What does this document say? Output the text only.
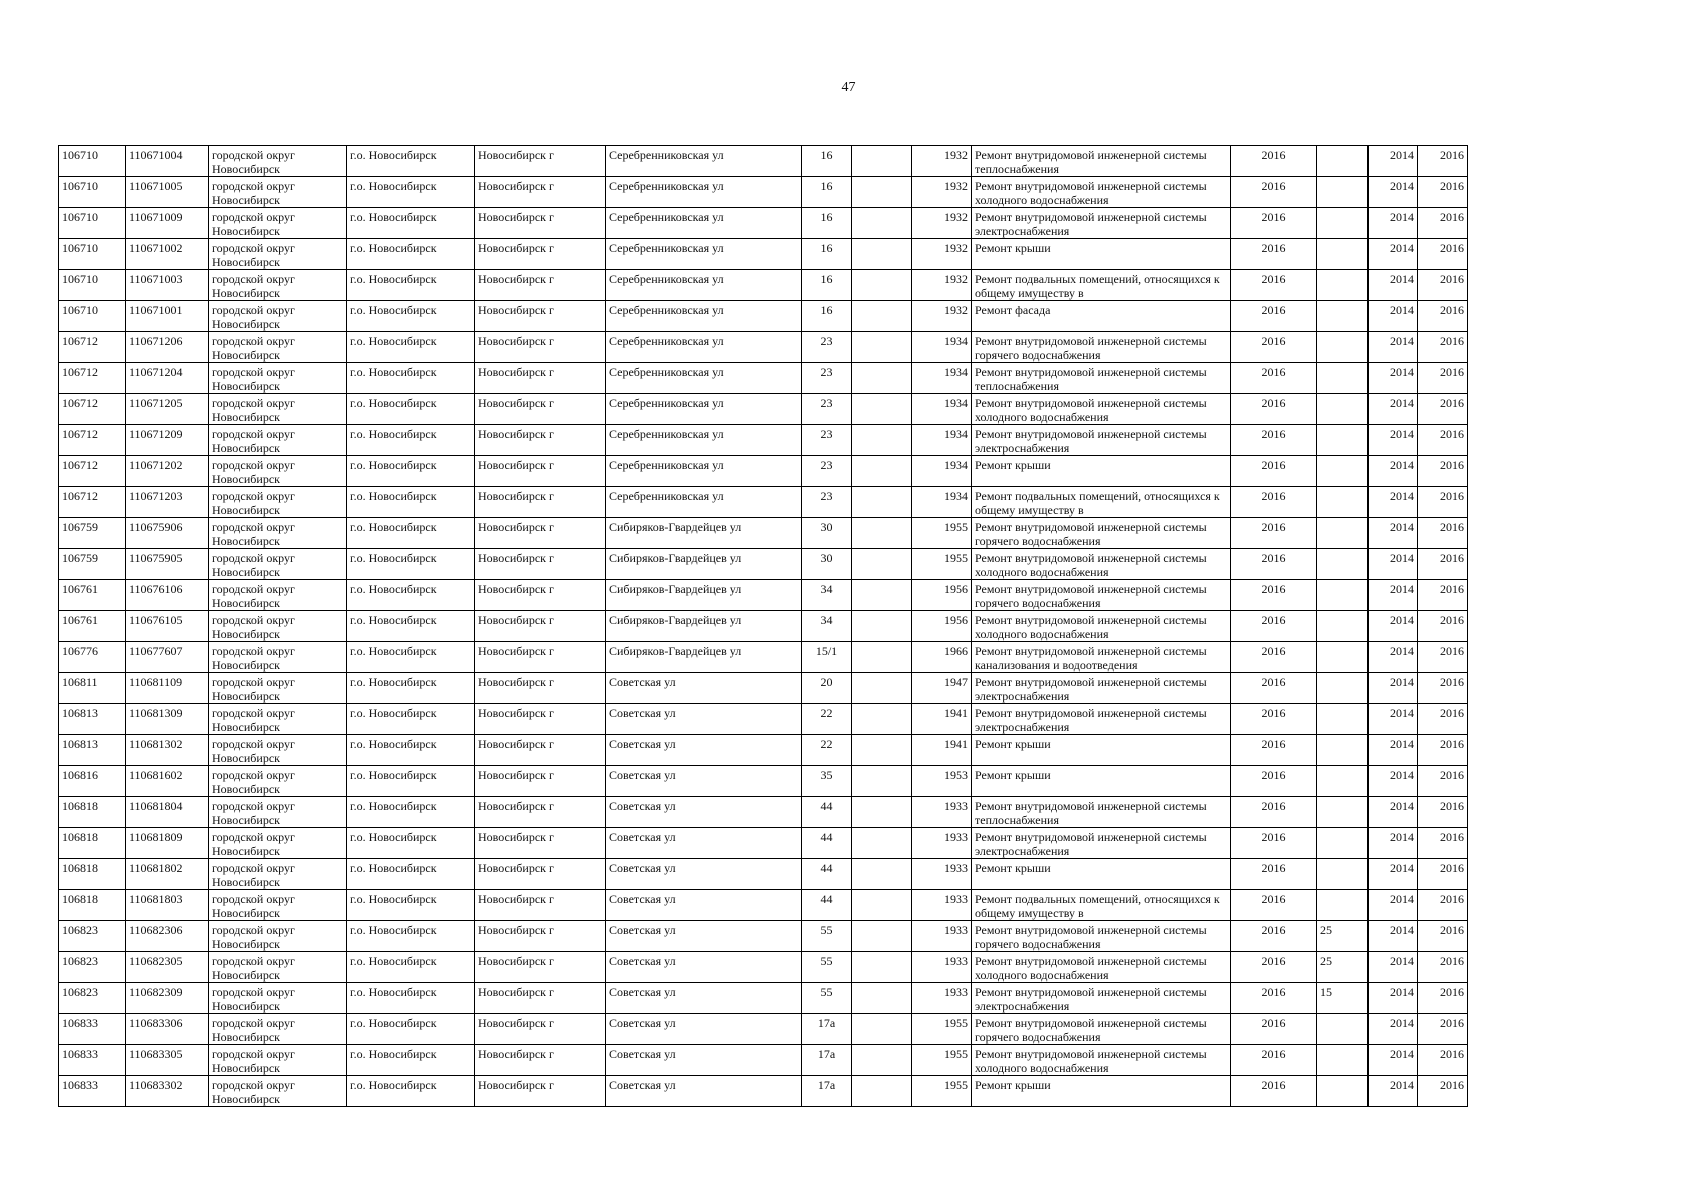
47
106710	110671004	городской округ Новосибирск	г.о. Новосибирск	Новосибирск г	Серебренниковская ул	16		1932	Ремонт внутридомовой инженерной системы теплоснабжения	2016		2014	2016
106710	110671005	городской округ Новосибирск	г.о. Новосибирск	Новосибирск г	Серебренниковская ул	16		1932	Ремонт внутридомовой инженерной системы холодного водоснабжения	2016		2014	2016
106710	110671009	городской округ Новосибирск	г.о. Новосибирск	Новосибирск г	Серебренниковская ул	16		1932	Ремонт внутридомовой инженерной системы электроснабжения	2016		2014	2016
106710	110671002	городской округ Новосибирск	г.о. Новосибирск	Новосибирск г	Серебренниковская ул	16		1932	Ремонт крыши	2016		2014	2016
106710	110671003	городской округ Новосибирск	г.о. Новосибирск	Новосибирск г	Серебренниковская ул	16		1932	Ремонт подвальных помещений, относящихся к общему имуществу в	2016		2014	2016
106710	110671001	городской округ Новосибирск	г.о. Новосибирск	Новосибирск г	Серебренниковская ул	16		1932	Ремонт фасада	2016		2014	2016
106712	110671206	городской округ Новосибирск	г.о. Новосибирск	Новосибирск г	Серебренниковская ул	23		1934	Ремонт внутридомовой инженерной системы горячего водоснабжения	2016		2014	2016
106712	110671204	городской округ Новосибирск	г.о. Новосибирск	Новосибирск г	Серебренниковская ул	23		1934	Ремонт внутридомовой инженерной системы теплоснабжения	2016		2014	2016
106712	110671205	городской округ Новосибирск	г.о. Новосибирск	Новосибирск г	Серебренниковская ул	23		1934	Ремонт внутридомовой инженерной системы холодного водоснабжения	2016		2014	2016
106712	110671209	городской округ Новосибирск	г.о. Новосибирск	Новосибирск г	Серебренниковская ул	23		1934	Ремонт внутридомовой инженерной системы электроснабжения	2016		2014	2016
106712	110671202	городской округ Новосибирск	г.о. Новосибирск	Новосибирск г	Серебренниковская ул	23		1934	Ремонт крыши	2016		2014	2016
106712	110671203	городской округ Новосибирск	г.о. Новосибирск	Новосибирск г	Серебренниковская ул	23		1934	Ремонт подвальных помещений, относящихся к общему имуществу в	2016		2014	2016
106759	110675906	городской округ Новосибирск	г.о. Новосибирск	Новосибирск г	Сибиряков-Гвардейцев ул	30		1955	Ремонт внутридомовой инженерной системы горячего водоснабжения	2016		2014	2016
106759	110675905	городской округ Новосибирск	г.о. Новосибирск	Новосибирск г	Сибиряков-Гвардейцев ул	30		1955	Ремонт внутридомовой инженерной системы холодного водоснабжения	2016		2014	2016
106761	110676106	городской округ Новосибирск	г.о. Новосибирск	Новосибирск г	Сибиряков-Гвардейцев ул	34		1956	Ремонт внутридомовой инженерной системы горячего водоснабжения	2016		2014	2016
106761	110676105	городской округ Новосибирск	г.о. Новосибирск	Новосибирск г	Сибиряков-Гвардейцев ул	34		1956	Ремонт внутридомовой инженерной системы холодного водоснабжения	2016		2014	2016
106776	110677607	городской округ Новосибирск	г.о. Новосибирск	Новосибирск г	Сибиряков-Гвардейцев ул	15/1		1966	Ремонт внутридомовой инженерной системы канализования и водоотведения	2016		2014	2016
106811	110681109	городской округ Новосибирск	г.о. Новосибирск	Новосибирск г	Советская ул	20		1947	Ремонт внутридомовой инженерной системы электроснабжения	2016		2014	2016
106813	110681309	городской округ Новосибирск	г.о. Новосибирск	Новосибирск г	Советская ул	22		1941	Ремонт внутридомовой инженерной системы электроснабжения	2016		2014	2016
106813	110681302	городской округ Новосибирск	г.о. Новосибирск	Новосибирск г	Советская ул	22		1941	Ремонт крыши	2016		2014	2016
106816	110681602	городской округ Новосибирск	г.о. Новосибирск	Новосибирск г	Советская ул	35		1953	Ремонт крыши	2016		2014	2016
106818	110681804	городской округ Новосибирск	г.о. Новосибирск	Новосибирск г	Советская ул	44		1933	Ремонт внутридомовой инженерной системы теплоснабжения	2016		2014	2016
106818	110681809	городской округ Новосибирск	г.о. Новосибирск	Новосибирск г	Советская ул	44		1933	Ремонт внутридомовой инженерной системы электроснабжения	2016		2014	2016
106818	110681802	городской округ Новосибирск	г.о. Новосибирск	Новосибирск г	Советская ул	44		1933	Ремонт крыши	2016		2014	2016
106818	110681803	городской округ Новосибирск	г.о. Новосибирск	Новосибирск г	Советская ул	44		1933	Ремонт подвальных помещений, относящихся к общему имуществу в	2016		2014	2016
106823	110682306	городской округ Новосибирск	г.о. Новосибирск	Новосибирск г	Советская ул	55		1933	Ремонт внутридомовой инженерной системы горячего водоснабжения	2016	25	2014	2016
106823	110682305	городской округ Новосибирск	г.о. Новосибирск	Новосибирск г	Советская ул	55		1933	Ремонт внутридомовой инженерной системы холодного водоснабжения	2016	25	2014	2016
106823	110682309	городской округ Новосибирск	г.о. Новосибирск	Новосибирск г	Советская ул	55		1933	Ремонт внутридомовой инженерной системы электроснабжения	2016	15	2014	2016
106833	110683306	городской округ Новосибирск	г.о. Новосибирск	Новосибирск г	Советская ул	17а		1955	Ремонт внутридомовой инженерной системы горячего водоснабжения	2016		2014	2016
106833	110683305	городской округ Новосибирск	г.о. Новосибирск	Новосибирск г	Советская ул	17а		1955	Ремонт внутридомовой инженерной системы холодного водоснабжения	2016		2014	2016
106833	110683302	городской округ Новосибирск	г.о. Новосибирск	Новосибирск г	Советская ул	17а		1955	Ремонт крыши	2016		2014	2016
